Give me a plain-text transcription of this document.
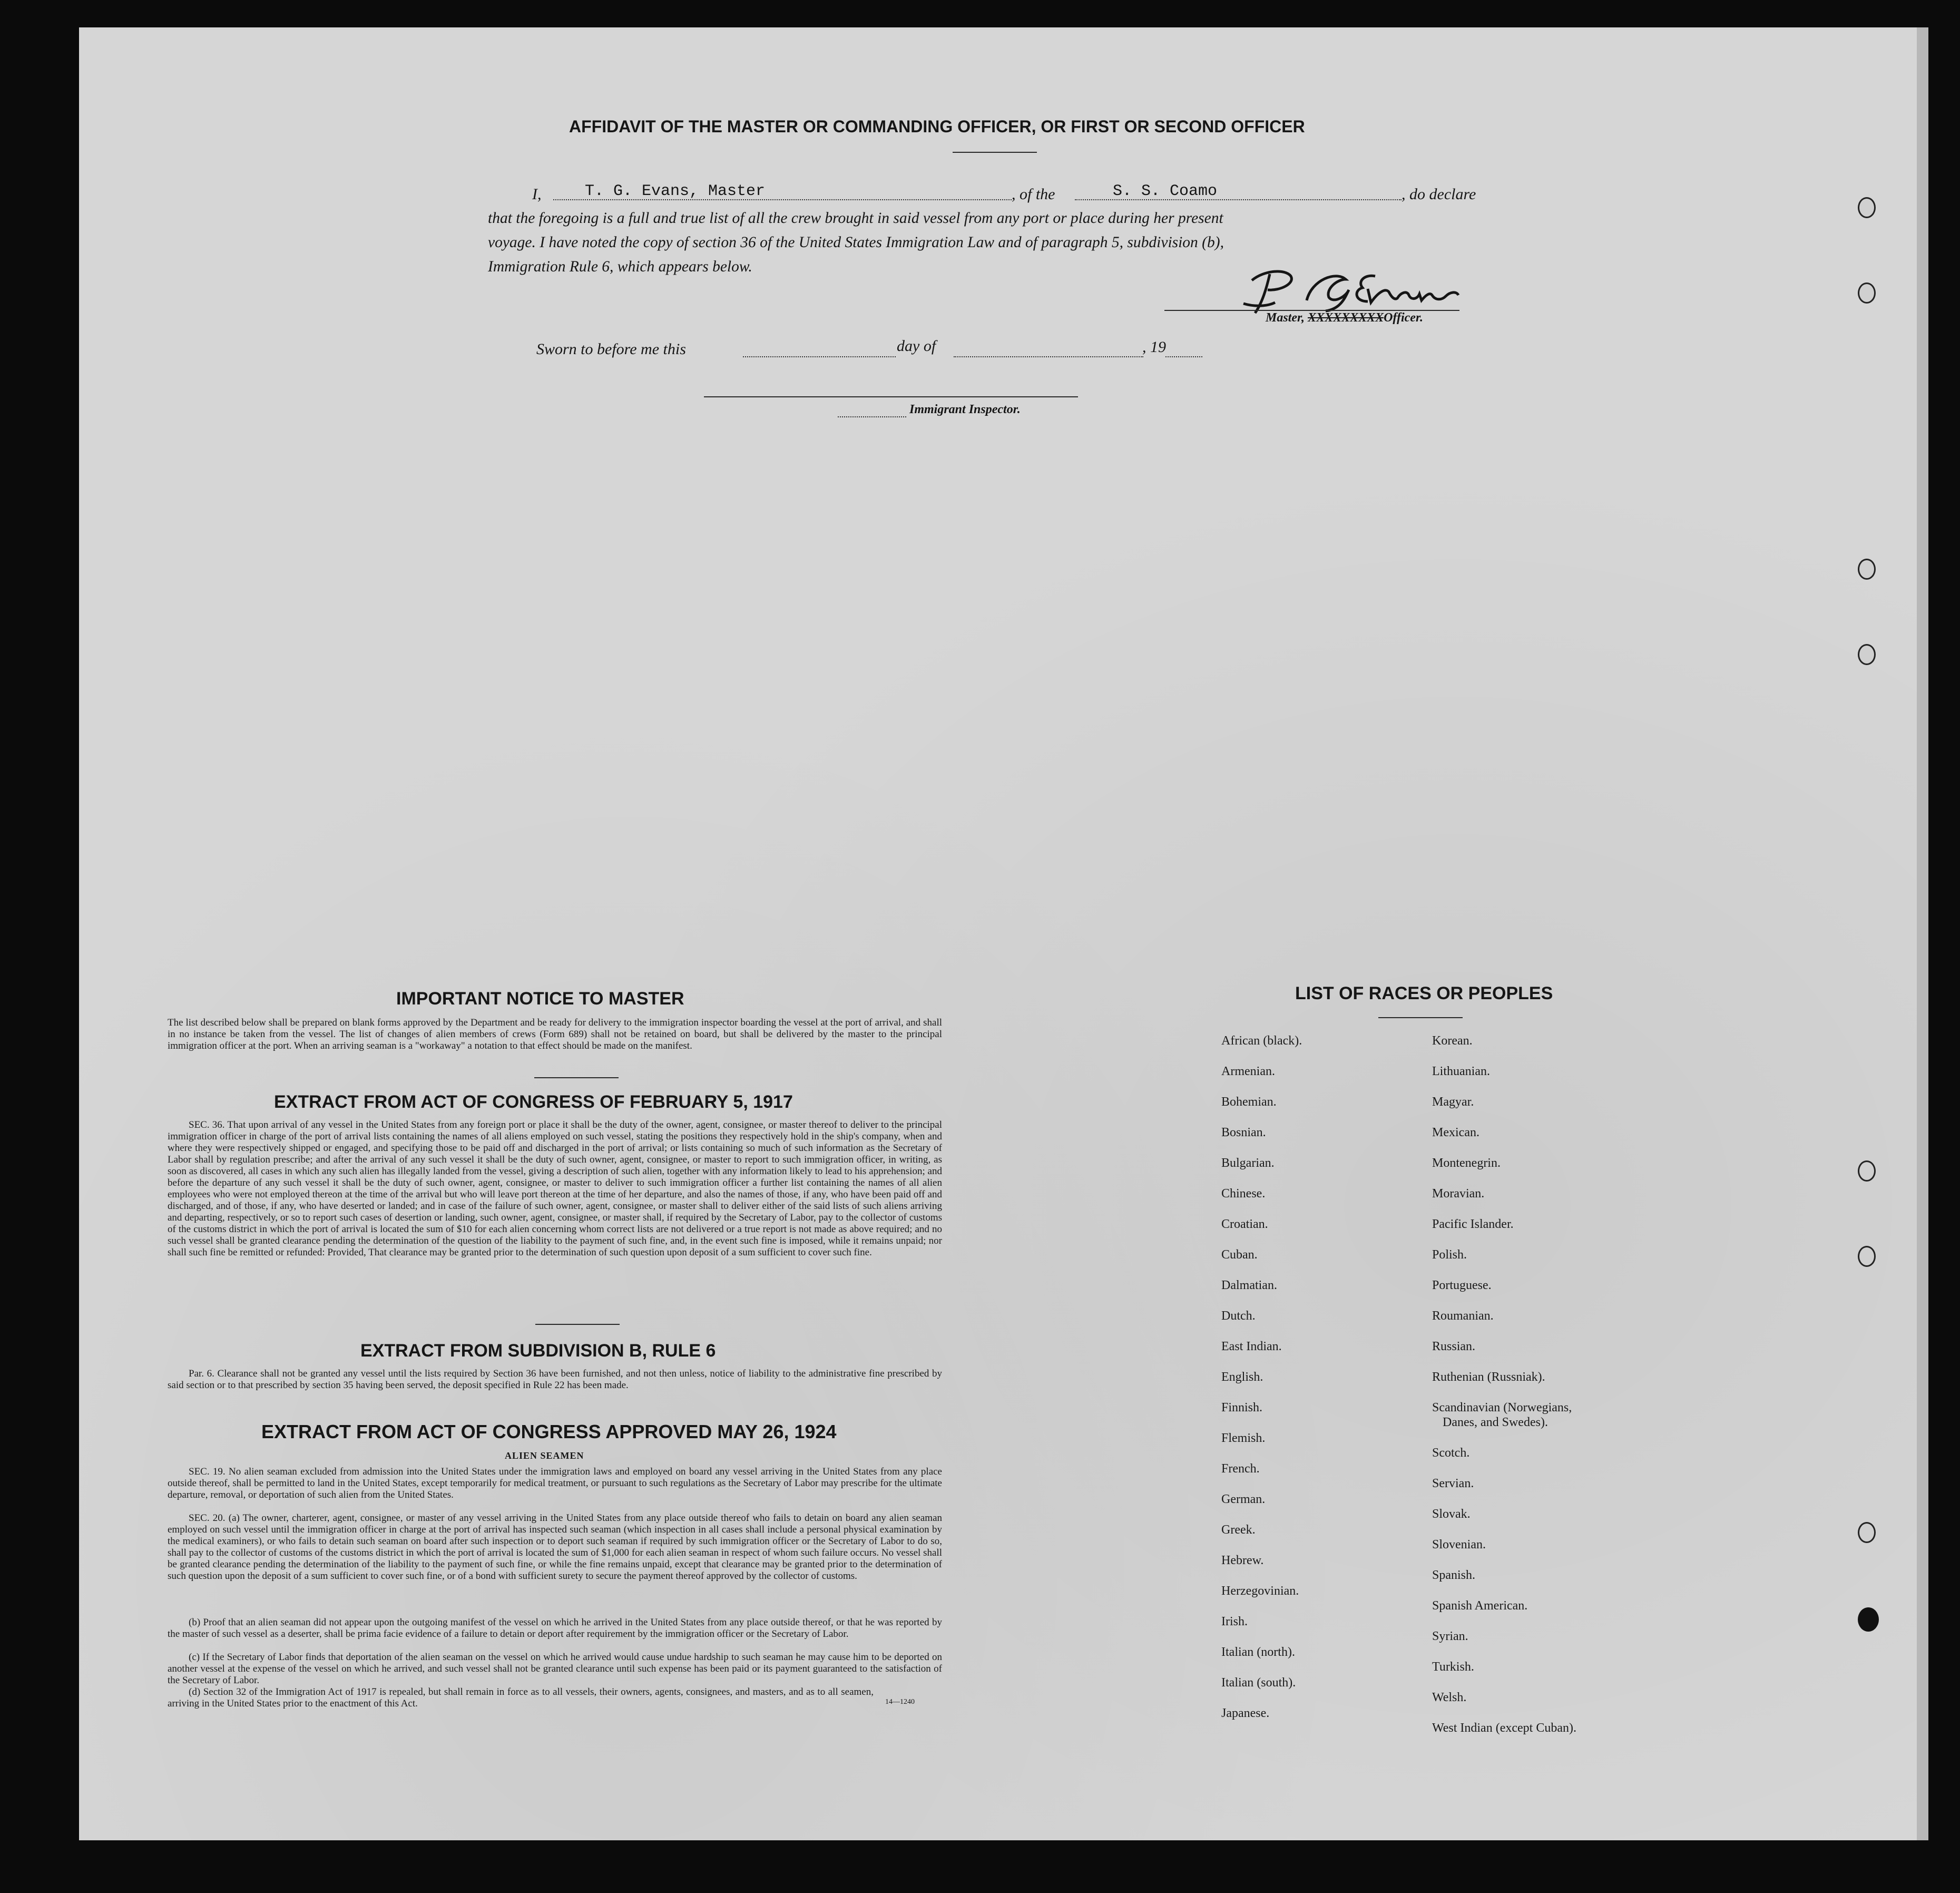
AFFIDAVIT OF THE MASTER OR COMMANDING OFFICER, OR FIRST OR SECOND OFFICER
I,	T. G. Evans, Master	, of the	S. S. Coamo	, do declare
that the foregoing is a full and true list of all the crew brought in said vessel from any port or place during her present
voyage. I have noted the copy of section 36 of the United States Immigration Law and of paragraph 5, subdivision (b),
Immigration Rule 6, which appears below.
Master, XXXXXXXXXOfficer.
Sworn to before me this	day of	, 19
Immigrant Inspector.
IMPORTANT NOTICE TO MASTER
The list described below shall be prepared on blank forms approved by the Department and be ready for delivery to the immigration inspector boarding the vessel at the port of arrival, and shall in no instance be taken from the vessel. The list of changes of alien members of crews (Form 689) shall not be retained on board, but shall be delivered by the master to the principal immigration officer at the port. When an arriving seaman is a "workaway" a notation to that effect should be made on the manifest.
EXTRACT FROM ACT OF CONGRESS OF FEBRUARY 5, 1917
SEC. 36. That upon arrival of any vessel in the United States from any foreign port or place it shall be the duty of the owner, agent, consignee, or master thereof to deliver to the principal immigration officer in charge of the port of arrival lists containing the names of all aliens employed on such vessel, stating the positions they respectively hold in the ship's company, when and where they were respectively shipped or engaged, and specifying those to be paid off and discharged in the port of arrival; or lists containing so much of such information as the Secretary of Labor shall by regulation prescribe; and after the arrival of any such vessel it shall be the duty of such owner, agent, consignee, or master to report to such immigration officer, in writing, as soon as discovered, all cases in which any such alien has illegally landed from the vessel, giving a description of such alien, together with any information likely to lead to his apprehension; and before the departure of any such vessel it shall be the duty of such owner, agent, consignee, or master to deliver to such immigration officer a further list containing the names of all alien employees who were not employed thereon at the time of the arrival but who will leave port thereon at the time of her departure, and also the names of those, if any, who have been paid off and discharged, and of those, if any, who have deserted or landed; and in case of the failure of such owner, agent, consignee, or master shall to deliver either of the said lists of such aliens arriving and departing, respectively, or so to report such cases of desertion or landing, such owner, agent, consignee, or master shall, if required by the Secretary of Labor, pay to the collector of customs of the customs district in which the port of arrival is located the sum of $10 for each alien concerning whom correct lists are not delivered or a true report is not made as above required; and no such vessel shall be granted clearance pending the determination of the question of the liability to the payment of such fine, and, in the event such fine is imposed, while it remains unpaid; nor shall such fine be remitted or refunded: Provided, That clearance may be granted prior to the determination of such question upon deposit of a sum sufficient to cover such fine.
EXTRACT FROM SUBDIVISION B, RULE 6
Par. 6. Clearance shall not be granted any vessel until the lists required by Section 36 have been furnished, and not then unless, notice of liability to the administrative fine prescribed by said section or to that prescribed by section 35 having been served, the deposit specified in Rule 22 has been made.
EXTRACT FROM ACT OF CONGRESS APPROVED MAY 26, 1924
ALIEN SEAMEN
SEC. 19. No alien seaman excluded from admission into the United States under the immigration laws and employed on board any vessel arriving in the United States from any place outside thereof, shall be permitted to land in the United States, except temporarily for medical treatment, or pursuant to such regulations as the Secretary of Labor may prescribe for the ultimate departure, removal, or deportation of such alien from the United States.
SEC. 20. (a) The owner, charterer, agent, consignee, or master of any vessel arriving in the United States from any place outside thereof who fails to detain on board any alien seaman employed on such vessel until the immigration officer in charge at the port of arrival has inspected such seaman (which inspection in all cases shall include a personal physical examination by the medical examiners), or who fails to detain such seaman on board after such inspection or to deport such seaman if required by such immigration officer or the Secretary of Labor to do so, shall pay to the collector of customs of the customs district in which the port of arrival is located the sum of $1,000 for each alien seaman in respect of whom such failure occurs. No vessel shall be granted clearance pending the determination of the liability to the payment of such fine, or while the fine remains unpaid, except that clearance may be granted prior to the determination of such question upon the deposit of a sum sufficient to cover such fine, or of a bond with sufficient surety to secure the payment thereof approved by the collector of customs.
(b) Proof that an alien seaman did not appear upon the outgoing manifest of the vessel on which he arrived in the United States from any place outside thereof, or that he was reported by the master of such vessel as a deserter, shall be prima facie evidence of a failure to detain or deport after requirement by the immigration officer or the Secretary of Labor.
(c) If the Secretary of Labor finds that deportation of the alien seaman on the vessel on which he arrived would cause undue hardship to such seaman he may cause him to be deported on another vessel at the expense of the vessel on which he arrived, and such vessel shall not be granted clearance until such expense has been paid or its payment guaranteed to the satisfaction of the Secretary of Labor.
(d) Section 32 of the Immigration Act of 1917 is repealed, but shall remain in force as to all vessels, their owners, agents, consignees, and masters, and as to all seamen, arriving in the United States prior to the enactment of this Act.	14—1240
LIST OF RACES OR PEOPLES
African (black).
Armenian.
Bohemian.
Bosnian.
Bulgarian.
Chinese.
Croatian.
Cuban.
Dalmatian.
Dutch.
East Indian.
English.
Finnish.
Flemish.
French.
German.
Greek.
Hebrew.
Herzegovinian.
Irish.
Italian (north).
Italian (south).
Japanese.
Korean.
Lithuanian.
Magyar.
Mexican.
Montenegrin.
Moravian.
Pacific Islander.
Polish.
Portuguese.
Roumanian.
Russian.
Ruthenian (Russniak).
Scandinavian (Norwegians,
Danes, and Swedes).
Scotch.
Servian.
Slovak.
Slovenian.
Spanish.
Spanish American.
Syrian.
Turkish.
Welsh.
West Indian (except Cuban).
